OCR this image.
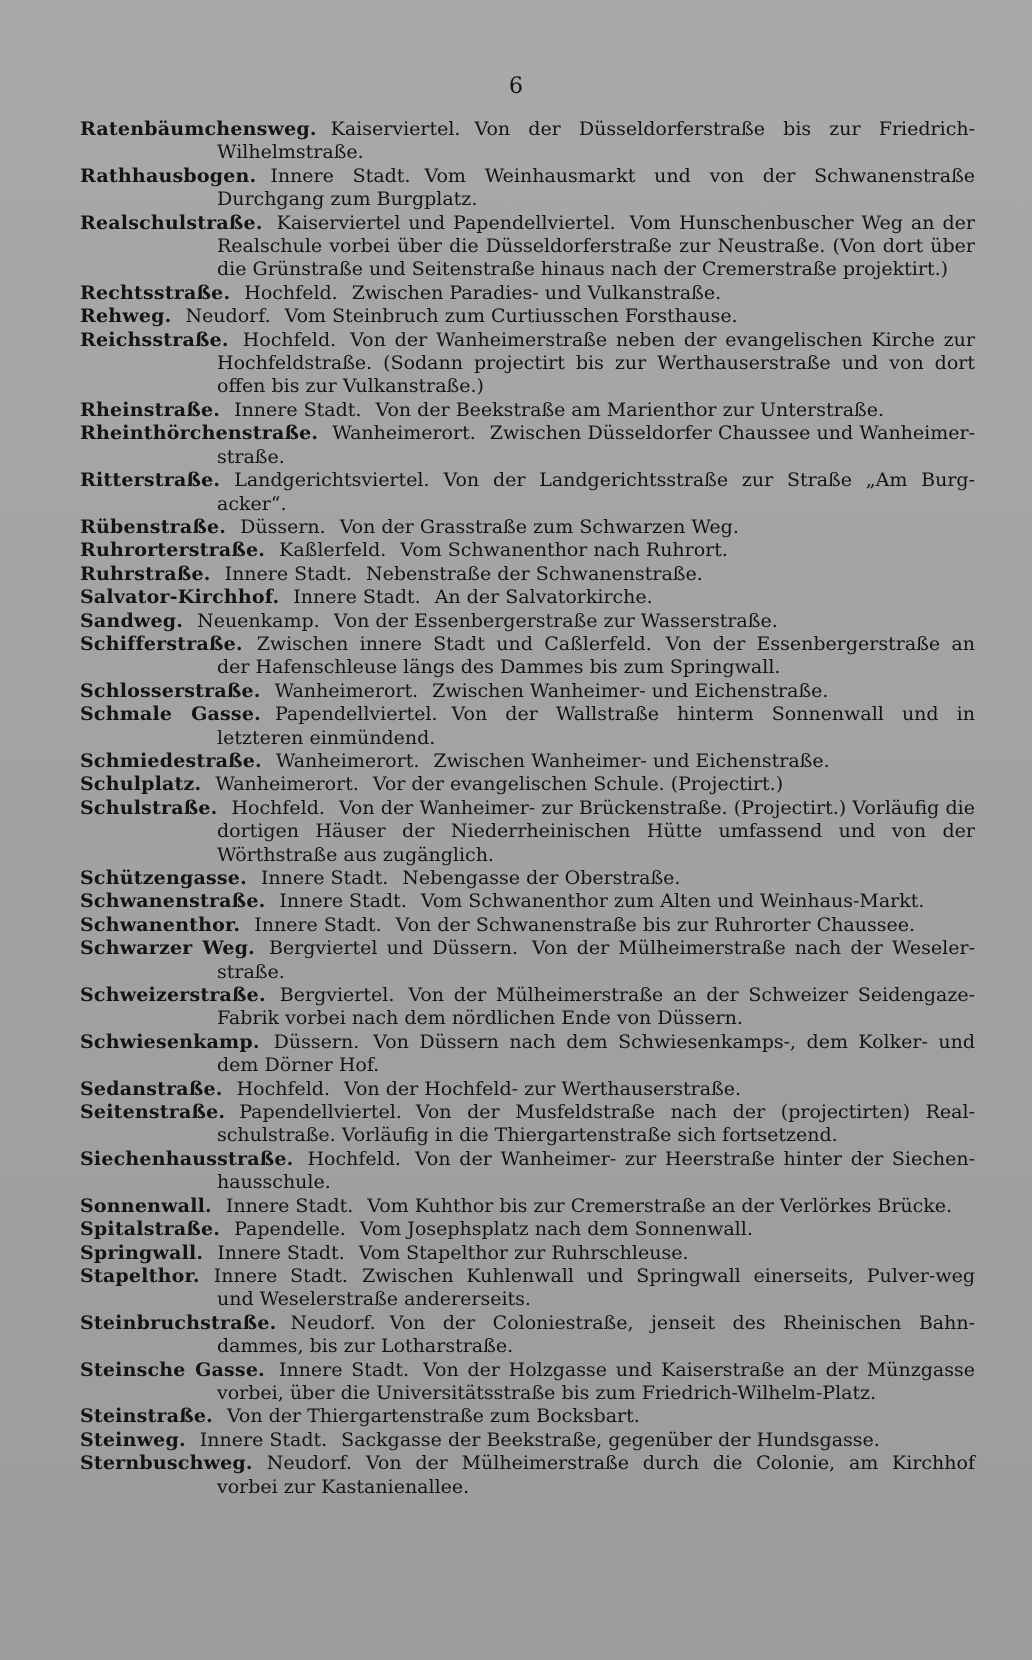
6
Ratenbäumchensweg. Kaiserviertel. Von der Düsseldorferstraße bis zur Friedrich-Wilhelmstraße.
Rathhausbogen. Innere Stadt. Vom Weinhausmarkt und von der Schwanenstraße Durchgang zum Burgplatz.
Realschulstraße. Kaiserviertel und Papendellviertel. Vom Hunschenbuscher Weg an der Realschule vorbei über die Düsseldorferstraße zur Neustraße. (Von dort über die Grünstraße und Seitenstraße hinaus nach der Cremerstraße projektirt.)
Rechtsstraße. Hochfeld. Zwischen Paradies- und Vulkanstraße.
Rehweg. Neudorf. Vom Steinbruch zum Curtiusschen Forsthause.
Reichsstraße. Hochfeld. Von der Wanheimerstraße neben der evangelischen Kirche zur Hochfeldstraße. (Sodann projectirt bis zur Werthauserstraße und von dort offen bis zur Vulkanstraße.)
Rheinstraße. Innere Stadt. Von der Beekstraße am Marienthor zur Unterstraße.
Rheinthörchenstraße. Wanheimerort. Zwischen Düsseldorfer Chaussee und Wanheimer-straße.
Ritterstraße. Landgerichtsviertel. Von der Landgerichtsstraße zur Straße „Am Burg-acker“.
Rübenstraße. Düssern. Von der Grasstraße zum Schwarzen Weg.
Ruhrorterstraße. Kaßlerfeld. Vom Schwanenthor nach Ruhrort.
Ruhrstraße. Innere Stadt. Nebenstraße der Schwanenstraße.
Salvator-Kirchhof. Innere Stadt. An der Salvatorkirche.
Sandweg. Neuenkamp. Von der Essenbergerstraße zur Wasserstraße.
Schifferstraße. Zwischen innere Stadt und Caßlerfeld. Von der Essenbergerstraße an der Hafenschleuse längs des Dammes bis zum Springwall.
Schlosserstraße. Wanheimerort. Zwischen Wanheimer- und Eichenstraße.
Schmale Gasse. Papendellviertel. Von der Wallstraße hinterm Sonnenwall und in letzteren einmündend.
Schmiedestraße. Wanheimerort. Zwischen Wanheimer- und Eichenstraße.
Schulplatz. Wanheimerort. Vor der evangelischen Schule. (Projectirt.)
Schulstraße. Hochfeld. Von der Wanheimer- zur Brückenstraße. (Projectirt.) Vorläufig die dortigen Häuser der Niederrheinischen Hütte umfassend und von der Wörthstraße aus zugänglich.
Schützengasse. Innere Stadt. Nebengasse der Oberstraße.
Schwanenstraße. Innere Stadt. Vom Schwanenthor zum Alten und Weinhaus-Markt.
Schwanenthor. Innere Stadt. Von der Schwanenstraße bis zur Ruhrorter Chaussee.
Schwarzer Weg. Bergviertel und Düssern. Von der Mülheimerstraße nach der Weseler-straße.
Schweizerstraße. Bergviertel. Von der Mülheimerstraße an der Schweizer Seidengaze-Fabrik vorbei nach dem nördlichen Ende von Düssern.
Schwiesenkamp. Düssern. Von Düssern nach dem Schwiesenkamps-, dem Kolker- und dem Dörner Hof.
Sedanstraße. Hochfeld. Von der Hochfeld- zur Werthauserstraße.
Seitenstraße. Papendellviertel. Von der Musfeldstraße nach der (projectirten) Real-schulstraße. Vorläufig in die Thiergartenstraße sich fortsetzend.
Siechenhausstraße. Hochfeld. Von der Wanheimer- zur Heerstraße hinter der Siechen-hausschule.
Sonnenwall. Innere Stadt. Vom Kuhthor bis zur Cremerstraße an der Verlörkes Brücke.
Spitalstraße. Papendelle. Vom Josephsplatz nach dem Sonnenwall.
Springwall. Innere Stadt. Vom Stapelthor zur Ruhrschleuse.
Stapelthor. Innere Stadt. Zwischen Kuhlenwall und Springwall einerseits, Pulver-weg und Weselerstraße andererseits.
Steinbruchstraße. Neudorf. Von der Coloniestraße, jenseit des Rheinischen Bahn-dammes, bis zur Lotharstraße.
Steinsche Gasse. Innere Stadt. Von der Holzgasse und Kaiserstraße an der Münzgasse vorbei, über die Universitätsstraße bis zum Friedrich-Wilhelm-Platz.
Steinstraße. Von der Thiergartenstraße zum Bocksbart.
Steinweg. Innere Stadt. Sackgasse der Beekstraße, gegenüber der Hundsgasse.
Sternbuschweg. Neudorf. Von der Mülheimerstraße durch die Colonie, am Kirchhof vorbei zur Kastanienallee.
